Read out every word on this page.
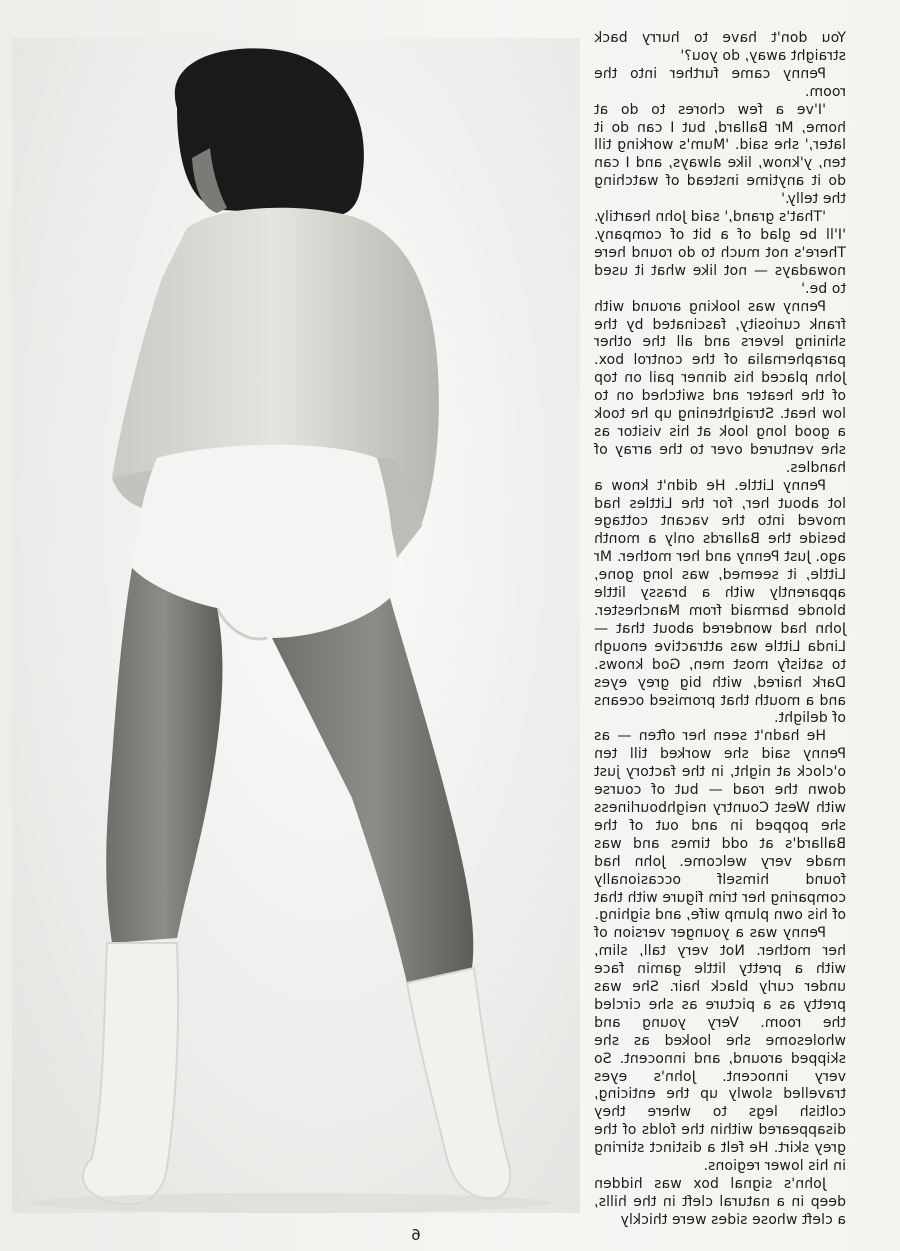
You don't have to hurry back straight away, do you?'

Penny came further into the room.

'I've a few chores to do at home, Mr Ballard, but I can do it later,' she said. 'Mum's working till ten, y'know, like always, and I can do it anytime instead of watching the telly.'

'That's grand,' said John heartily. 'I'll be glad of a bit of company. There's not much to do round here nowadays — not like what it used to be.'

Penny was looking around with frank curiosity, fascinated by the shining levers and all the other paraphernalia of the control box. John placed his dinner pail on top of the heater and switched on to low heat. Straightening up he took a good long look at his visitor as she ventured over to the array of handles.

Penny Little. He didn't know a lot about her, for the Littles had moved into the vacant cottage beside the Ballards only a month ago. Just Penny and her mother. Mr Little, it seemed, was long gone, apparently with a brassy little blonde barmaid from Manchester. John had wondered about that — Linda Little was attractive enough to satisfy most men, God knows. Dark haired, with big grey eyes and a mouth that promised oceans of delight.

He hadn't seen her often — as Penny said she worked till ten o'clock at night, in the factory just down the road — but of course with West Country neighbourliness she popped in and out of the Ballard's at odd times and was made very welcome. John had found himself occasionally comparing her trim figure with that of his own plump wife, and sighing.

Penny was a younger version of her mother. Not very tall, slim, with a pretty little gamin face under curly black hair. She was pretty as a picture as she circled the room. Very young and wholesome she looked as she skipped around, and innocent. So very innocent. John's eyes travelled slowly up the enticing, coltish legs to where they disappeared within the folds of the grey skirt. He felt a distinct stirring in his lower regions.

John's signal box was hidden deep in a natural cleft in the hills, a cleft whose sides were thickly

6
